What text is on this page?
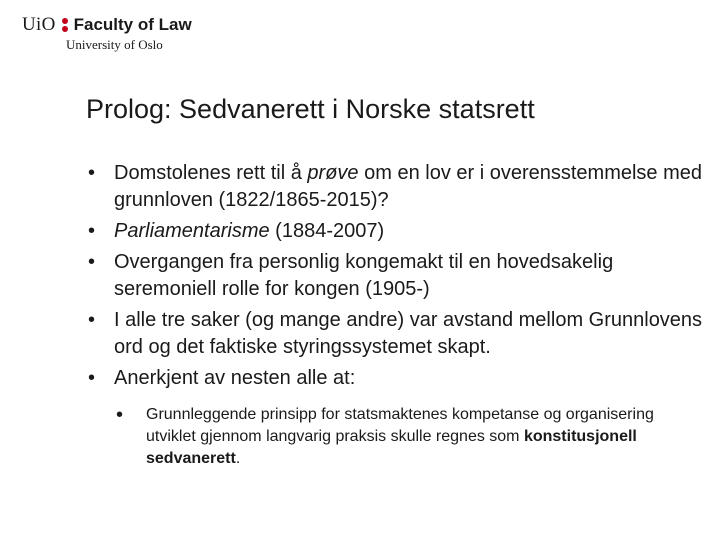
UiO Faculty of Law
University of Oslo
Prolog: Sedvanerett i Norske statsrett
• Domstolenes rett til å prøve om en lov er i overensstemmelse med grunnloven (1822/1865-2015)?
• Parliamentarisme (1884-2007)
• Overgangen fra personlig kongemakt til en hovedsakelig seremoniell rolle for kongen (1905-)
• I alle tre saker (og mange andre) var avstand mellom Grunnlovens ord og det faktiske styringssystemet skapt.
• Anerkjent av nesten alle at:
• Grunnleggende prinsipp for statsmaktenes kompetanse og organisering utviklet gjennom langvarig praksis skulle regnes som konstitusjonell sedvanerett.
